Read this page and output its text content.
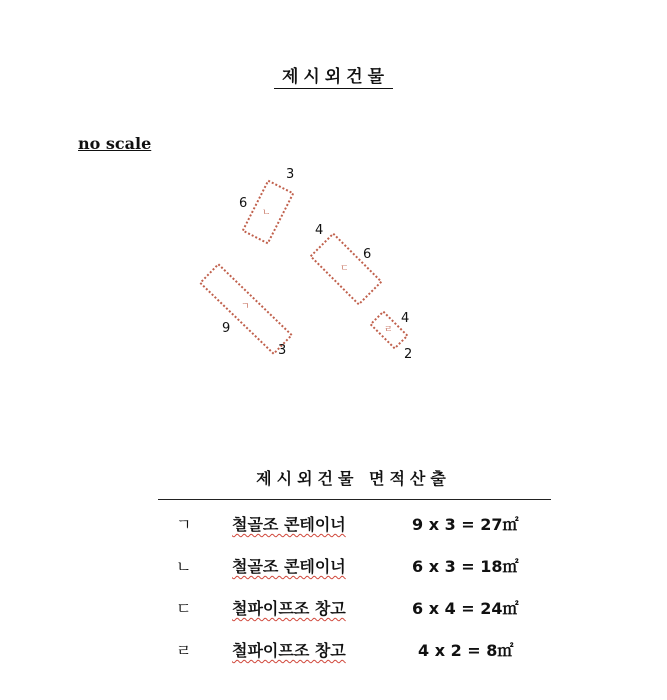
제시외건물
no scale
ㄴ
ㄷ
ㄱ
ㄹ
3
6
4
6
9
3
4
2
제시외건물 면적산출
ㄱ	철골조 콘테이너	9 x 3 = 27㎡
ㄴ	철골조 콘테이너	6 x 3 = 18㎡
ㄷ	철파이프조 창고	6 x 4 = 24㎡
ㄹ	철파이프조 창고	4 x 2 = 8㎡
